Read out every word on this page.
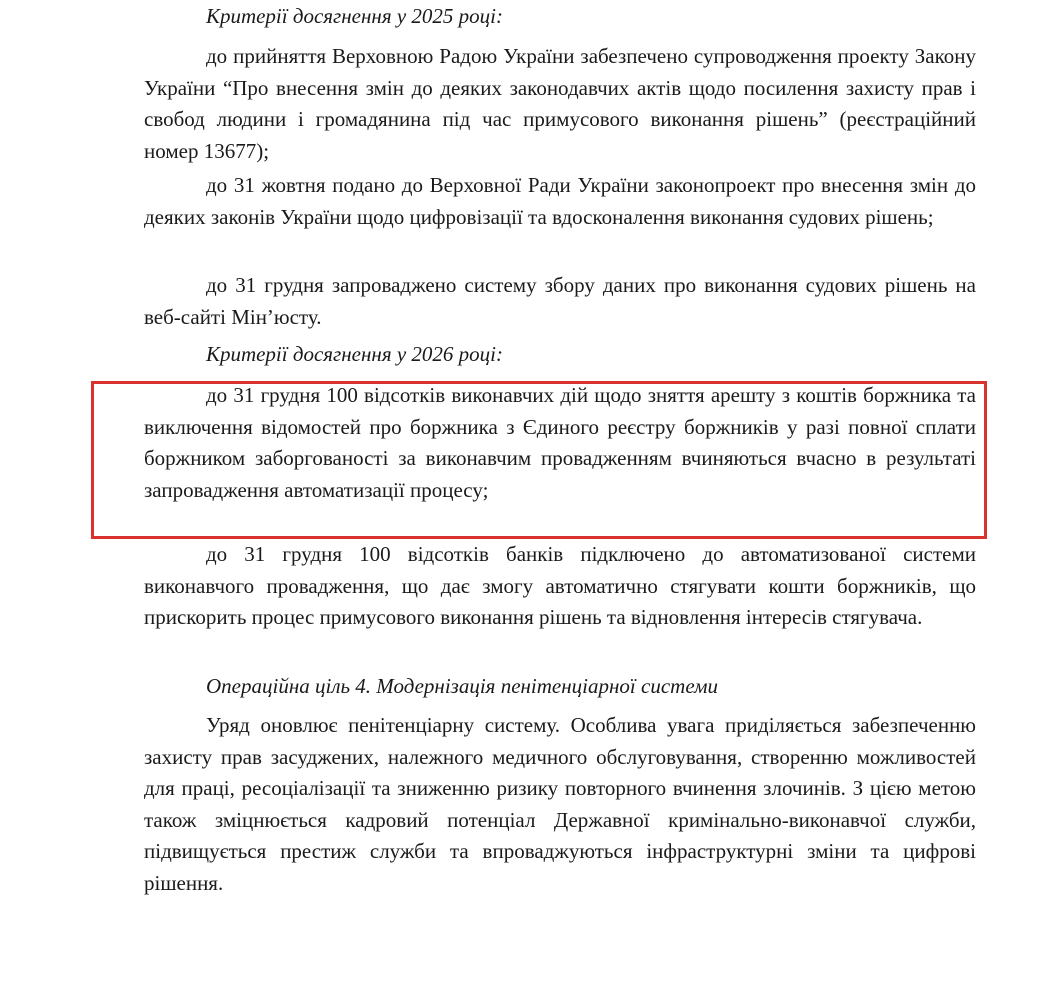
Критерії досягнення у 2025 році:

до прийняття Верховною Радою України забезпечено супроводження проекту Закону України “Про внесення змін до деяких законодавчих актів щодо посилення захисту прав і свобод людини і громадянина під час примусового виконання рішень” (реєстраційний номер 13677);

до 31 жовтня подано до Верховної Ради України законопроект про внесення змін до деяких законів України щодо цифровізації та вдосконалення виконання судових рішень;

до 31 грудня запроваджено систему збору даних про виконання судових рішень на веб-сайті Мін’юсту.

Критерії досягнення у 2026 році:

до 31 грудня 100 відсотків виконавчих дій щодо зняття арешту з коштів боржника та виключення відомостей про боржника з Єдиного реєстру боржників у разі повної сплати боржником заборгованості за виконавчим провадженням вчиняються вчасно в результаті запровадження автоматизації процесу;

до 31 грудня 100 відсотків банків підключено до автоматизованої системи виконавчого провадження, що дає змогу автоматично стягувати кошти боржників, що прискорить процес примусового виконання рішень та відновлення інтересів стягувача.

Операційна ціль 4. Модернізація пенітенціарної системи

Уряд оновлює пенітенціарну систему. Особлива увага приділяється забезпеченню захисту прав засуджених, належного медичного обслуговування, створенню можливостей для праці, ресоціалізації та зниженню ризику повторного вчинення злочинів. З цією метою також зміцнюється кадровий потенціал Державної кримінально-виконавчої служби, підвищується престиж служби та впроваджуються інфраструктурні зміни та цифрові рішення.
